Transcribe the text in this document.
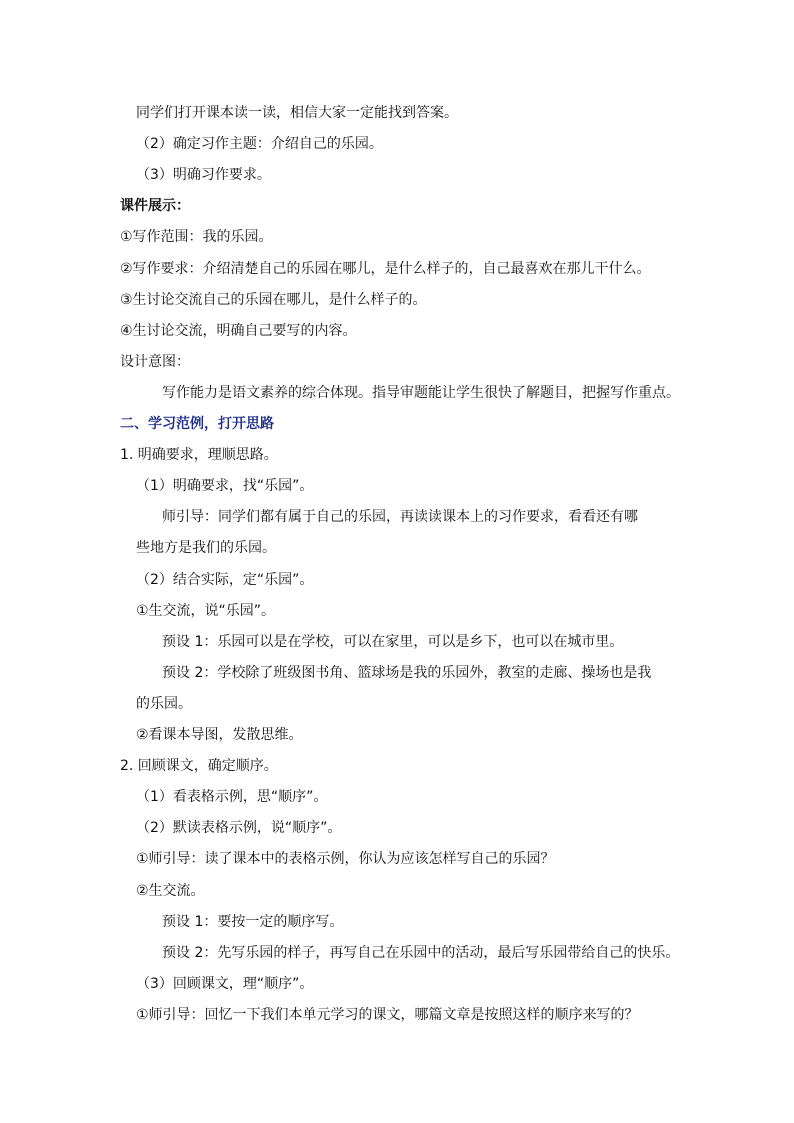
同学们打开课本读一读，相信大家一定能找到答案。
（2）确定习作主题：介绍自己的乐园。
（3）明确习作要求。
课件展示：
①写作范围：我的乐园。
②写作要求：介绍清楚自己的乐园在哪儿，是什么样子的，自己最喜欢在那儿干什么。
③生讨论交流自己的乐园在哪儿，是什么样子的。
④生讨论交流，明确自己要写的内容。
设计意图：
写作能力是语文素养的综合体现。指导审题能让学生很快了解题目，把握写作重点。
二、学习范例，打开思路
1. 明确要求，理顺思路。
（1）明确要求，找“乐园”。
师引导：同学们都有属于自己的乐园，再读读课本上的习作要求，看看还有哪
些地方是我们的乐园。
（2）结合实际，定“乐园”。
①生交流，说“乐园”。
预设 1：乐园可以是在学校，可以在家里，可以是乡下，也可以在城市里。
预设 2：学校除了班级图书角、篮球场是我的乐园外，教室的走廊、操场也是我
的乐园。
②看课本导图，发散思维。
2. 回顾课文，确定顺序。
（1）看表格示例，思“顺序”。
（2）默读表格示例，说“顺序”。
①师引导：读了课本中的表格示例，你认为应该怎样写自己的乐园？
②生交流。
预设 1：要按一定的顺序写。
预设 2：先写乐园的样子，再写自己在乐园中的活动，最后写乐园带给自己的快乐。
（3）回顾课文，理“顺序”。
①师引导：回忆一下我们本单元学习的课文，哪篇文章是按照这样的顺序来写的？
